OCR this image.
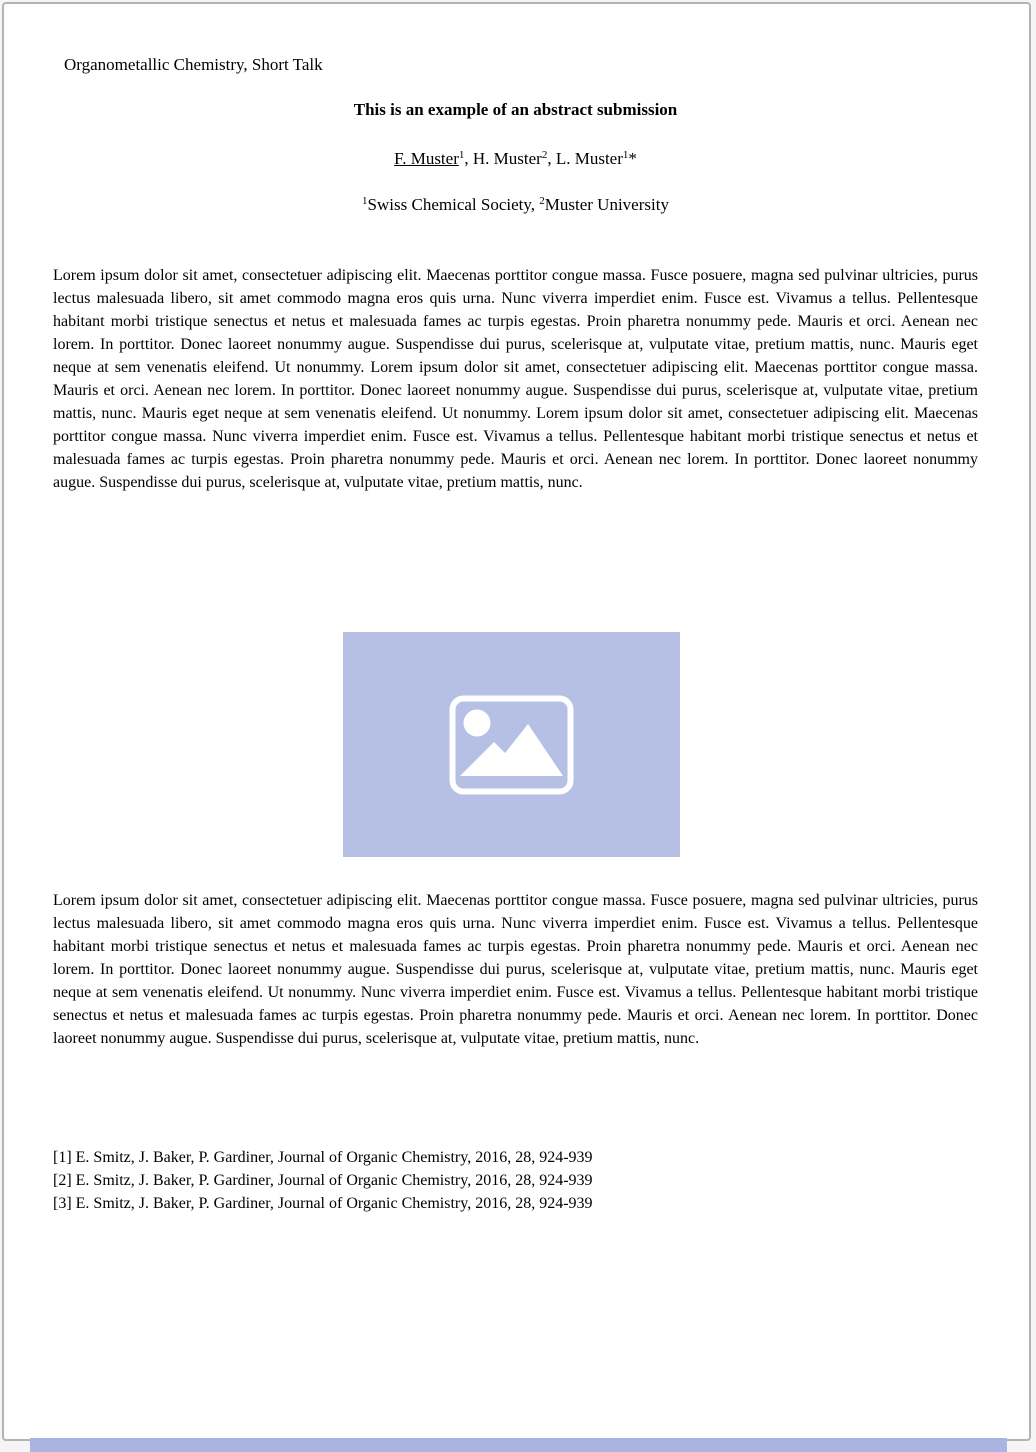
Organometallic Chemistry, Short Talk
This is an example of an abstract submission
F. Muster$^1$, H. Muster$^2$, L. Muster$^1$*
$^1$Swiss Chemical Society, $^2$Muster University

Lorem ipsum dolor sit amet, consectetuer adipiscing elit. Maecenas porttitor congue massa. Fusce posuere, magna sed pulvinar ultricies, purus lectus malesuada libero, sit amet commodo magna eros quis urna. Nunc viverra imperdiet enim. Fusce est. Vivamus a tellus. Pellentesque habitant morbi tristique senectus et netus et malesuada fames ac turpis egestas. Proin pharetra nonummy pede. Mauris et orci. Aenean nec lorem. In porttitor. Donec laoreet nonummy augue. Suspendisse dui purus, scelerisque at, vulputate vitae, pretium mattis, nunc. Mauris eget neque at sem venenatis eleifend. Ut nonummy. Lorem ipsum dolor sit amet, consectetuer adipiscing elit. Maecenas porttitor congue massa. Mauris et orci. Aenean nec lorem. In porttitor. Donec laoreet nonummy augue. Suspendisse dui purus, scelerisque at, vulputate vitae, pretium mattis, nunc. Mauris eget neque at sem venenatis eleifend. Ut nonummy. Lorem ipsum dolor sit amet, consectetuer adipiscing elit. Maecenas porttitor congue massa. Nunc viverra imperdiet enim. Fusce est. Vivamus a tellus. Pellentesque habitant morbi tristique senectus et netus et malesuada fames ac turpis egestas. Proin pharetra nonummy pede. Mauris et orci. Aenean nec lorem. In porttitor. Donec laoreet nonummy augue. Suspendisse dui purus, scelerisque at, vulputate vitae, pretium mattis, nunc.

Lorem ipsum dolor sit amet, consectetuer adipiscing elit. Maecenas porttitor congue massa. Fusce posuere, magna sed pulvinar ultricies, purus lectus malesuada libero, sit amet commodo magna eros quis urna. Nunc viverra imperdiet enim. Fusce est. Vivamus a tellus. Pellentesque habitant morbi tristique senectus et netus et malesuada fames ac turpis egestas. Proin pharetra nonummy pede. Mauris et orci. Aenean nec lorem. In porttitor. Donec laoreet nonummy augue. Suspendisse dui purus, scelerisque at, vulputate vitae, pretium mattis, nunc. Mauris eget neque at sem venenatis eleifend. Ut nonummy. Nunc viverra imperdiet enim. Fusce est. Vivamus a tellus. Pellentesque habitant morbi tristique senectus et netus et malesuada fames ac turpis egestas. Proin pharetra nonummy pede. Mauris et orci. Aenean nec lorem. In porttitor. Donec laoreet nonummy augue. Suspendisse dui purus, scelerisque at, vulputate vitae, pretium mattis, nunc.

[1] E. Smitz, J. Baker, P. Gardiner, Journal of Organic Chemistry, 2016, 28, 924-939
[2] E. Smitz, J. Baker, P. Gardiner, Journal of Organic Chemistry, 2016, 28, 924-939
[3] E. Smitz, J. Baker, P. Gardiner, Journal of Organic Chemistry, 2016, 28, 924-939
